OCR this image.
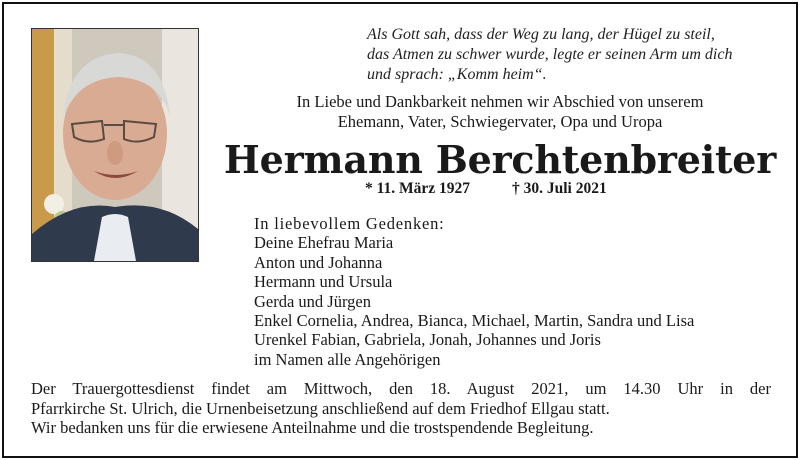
Als Gott sah, dass der Weg zu lang, der Hügel zu steil,
das Atmen zu schwer wurde, legte er seinen Arm um dich
und sprach: „Komm heim“.
In Liebe und Dankbarkeit nehmen wir Abschied von unserem
Ehemann, Vater, Schwiegervater, Opa und Uropa
Hermann Berchtenbreiter
* 11. März 1927	† 30. Juli 2021
In liebevollem Gedenken:
Deine Ehefrau Maria
Anton und Johanna
Hermann und Ursula
Gerda und Jürgen
Enkel Cornelia, Andrea, Bianca, Michael, Martin, Sandra und Lisa
Urenkel Fabian, Gabriela, Jonah, Johannes und Joris
im Namen alle Angehörigen
Der Trauergottesdienst findet am Mittwoch, den 18. August 2021, um 14.30 Uhr in der
Pfarrkirche St. Ulrich, die Urnenbeisetzung anschließend auf dem Friedhof Ellgau statt.
Wir bedanken uns für die erwiesene Anteilnahme und die trostspendende Begleitung.
